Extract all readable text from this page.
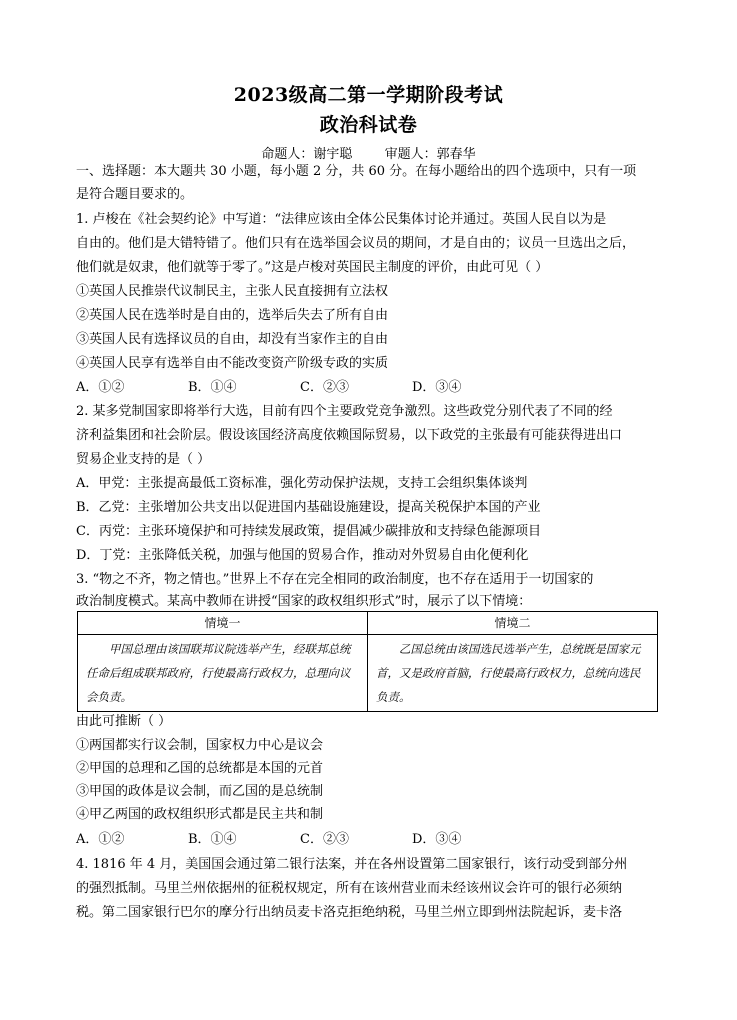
2023级高二第一学期阶段考试
政治科试卷
命题人：谢宇聪 审题人：郭春华
一、选择题：本大题共 30 小题，每小题 2 分，共 60 分。在每小题给出的四个选项中，只有一项
是符合题目要求的。
1. 卢梭在《社会契约论》中写道：“法律应该由全体公民集体讨论并通过。英国人民自以为是
自由的。他们是大错特错了。他们只有在选举国会议员的期间，才是自由的；议员一旦选出之后，
他们就是奴隶，他们就等于零了。”这是卢梭对英国民主制度的评价，由此可见（ ）
①英国人民推崇代议制民主，主张人民直接拥有立法权
②英国人民在选举时是自由的，选举后失去了所有自由
③英国人民有选择议员的自由，却没有当家作主的自由
④英国人民享有选举自由不能改变资产阶级专政的实质
A．①②	B．①④	C．②③	D．③④
2. 某多党制国家即将举行大选，目前有四个主要政党竞争激烈。这些政党分别代表了不同的经
济利益集团和社会阶层。假设该国经济高度依赖国际贸易，以下政党的主张最有可能获得进出口
贸易企业支持的是（ ）
A．甲党：主张提高最低工资标准，强化劳动保护法规，支持工会组织集体谈判
B．乙党：主张增加公共支出以促进国内基础设施建设，提高关税保护本国的产业
C．丙党：主张环境保护和可持续发展政策，提倡减少碳排放和支持绿色能源项目
D．丁党：主张降低关税，加强与他国的贸易合作，推动对外贸易自由化便利化
3. “物之不齐，物之情也。”世界上不存在完全相同的政治制度，也不存在适用于一切国家的
政治制度模式。某高中教师在讲授“国家的政权组织形式”时，展示了以下情境：
情境一	情境二
甲国总理由该国联邦议院选举产生，经联邦总统任命后组成联邦政府，行使最高行政权力，总理向议会负责。	乙国总统由该国选民选举产生，总统既是国家元首，又是政府首脑，行使最高行政权力，总统向选民负责。
由此可推断（ ）
①两国都实行议会制，国家权力中心是议会
②甲国的总理和乙国的总统都是本国的元首
③甲国的政体是议会制，而乙国的是总统制
④甲乙两国的政权组织形式都是民主共和制
A．①②	B．①④	C．②③	D．③④
4. 1816 年 4 月，美国国会通过第二银行法案，并在各州设置第二国家银行，该行动受到部分州
的强烈抵制。马里兰州依据州的征税权规定，所有在该州营业而未经该州议会许可的银行必须纳
税。第二国家银行巴尔的摩分行出纳员麦卡洛克拒绝纳税，马里兰州立即到州法院起诉，麦卡洛
